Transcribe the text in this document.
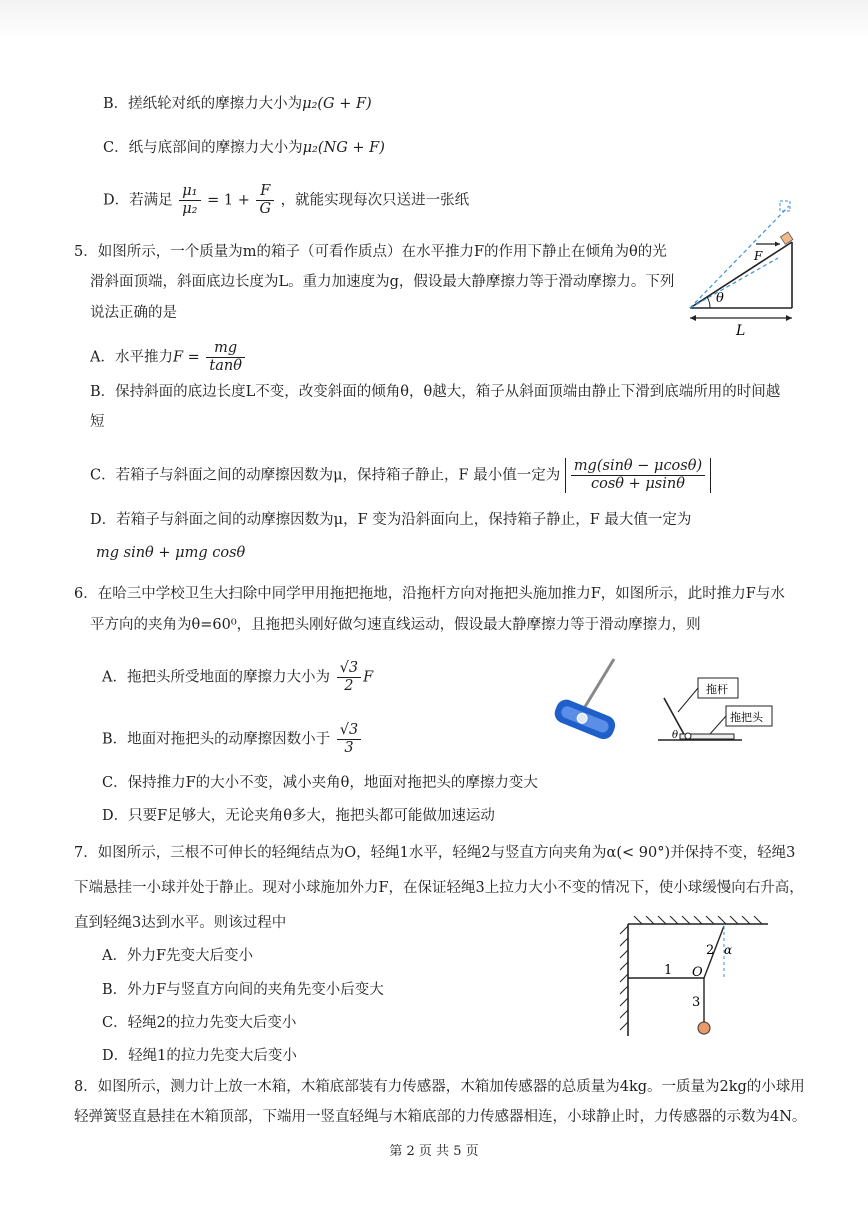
B．搓纸轮对纸的摩擦力大小为μ₂(G + F)
C．纸与底部间的摩擦力大小为μ₂(NG + F)
D．若满足 $\frac{\text{μ₁}}{\text{μ₂}} = 1 + \frac{F}{G}$ ，就能实现每次只送进一张纸
5．如图所示，一个质量为m的箱子（可看作质点）在水平推力F的作用下静止在倾角为θ的光
滑斜面顶端，斜面底边长度为L。重力加速度为g，假设最大静摩擦力等于滑动摩擦力。下列
说法正确的是
F
θ
L
A．水平推力$F = \frac{mg}{\tan\theta}$
B．保持斜面的底边长度L不变，改变斜面的倾角θ，θ越大，箱子从斜面顶端由静止下滑到底端所用的时间越
短
C．若箱子与斜面之间的动摩擦因数为μ，保持箱子静止，F 最小值一定为 $\frac{mg(\sin\theta - \mu\cos\theta)}{\cos\theta + \mu\sin\theta}$
D．若箱子与斜面之间的动摩擦因数为μ，F 变为沿斜面向上，保持箱子静止，F 最大值一定为
mg sinθ + μmg cosθ
6．在哈三中学校卫生大扫除中同学甲用拖把拖地，沿拖杆方向对拖把头施加推力F，如图所示，此时推力F与水
平方向的夹角为θ=60⁰，且拖把头刚好做匀速直线运动，假设最大静摩擦力等于滑动摩擦力，则
A．拖把头所受地面的摩擦力大小为 $\frac{√3}{2}$ F
B．地面对拖把头的动摩擦因数小于 $\frac{√3}{3}$
C．保持推力F的大小不变，减小夹角θ，地面对拖把头的摩擦力变大
D．只要F足够大，无论夹角θ多大，拖把头都可能做加速运动
θ
拖杆
拖把头
7．如图所示，三根不可伸长的轻绳结点为O，轻绳1水平，轻绳2与竖直方向夹角为α(< 90°)并保持不变，轻绳3
下端悬挂一小球并处于静止。现对小球施加外力F，在保证轻绳3上拉力大小不变的情况下，使小球缓慢向右升高，
直到轻绳3达到水平。则该过程中
A．外力F先变大后变小
B．外力F与竖直方向间的夹角先变小后变大
C．轻绳2的拉力先变大后变小
D．轻绳1的拉力先变大后变小
1
2
3
O
α
8．如图所示，测力计上放一木箱，木箱底部装有力传感器，木箱加传感器的总质量为4kg。一质量为2kg的小球用
轻弹簧竖直悬挂在木箱顶部，下端用一竖直轻绳与木箱底部的力传感器相连，小球静止时，力传感器的示数为4N。
第 2 页 共 5 页
